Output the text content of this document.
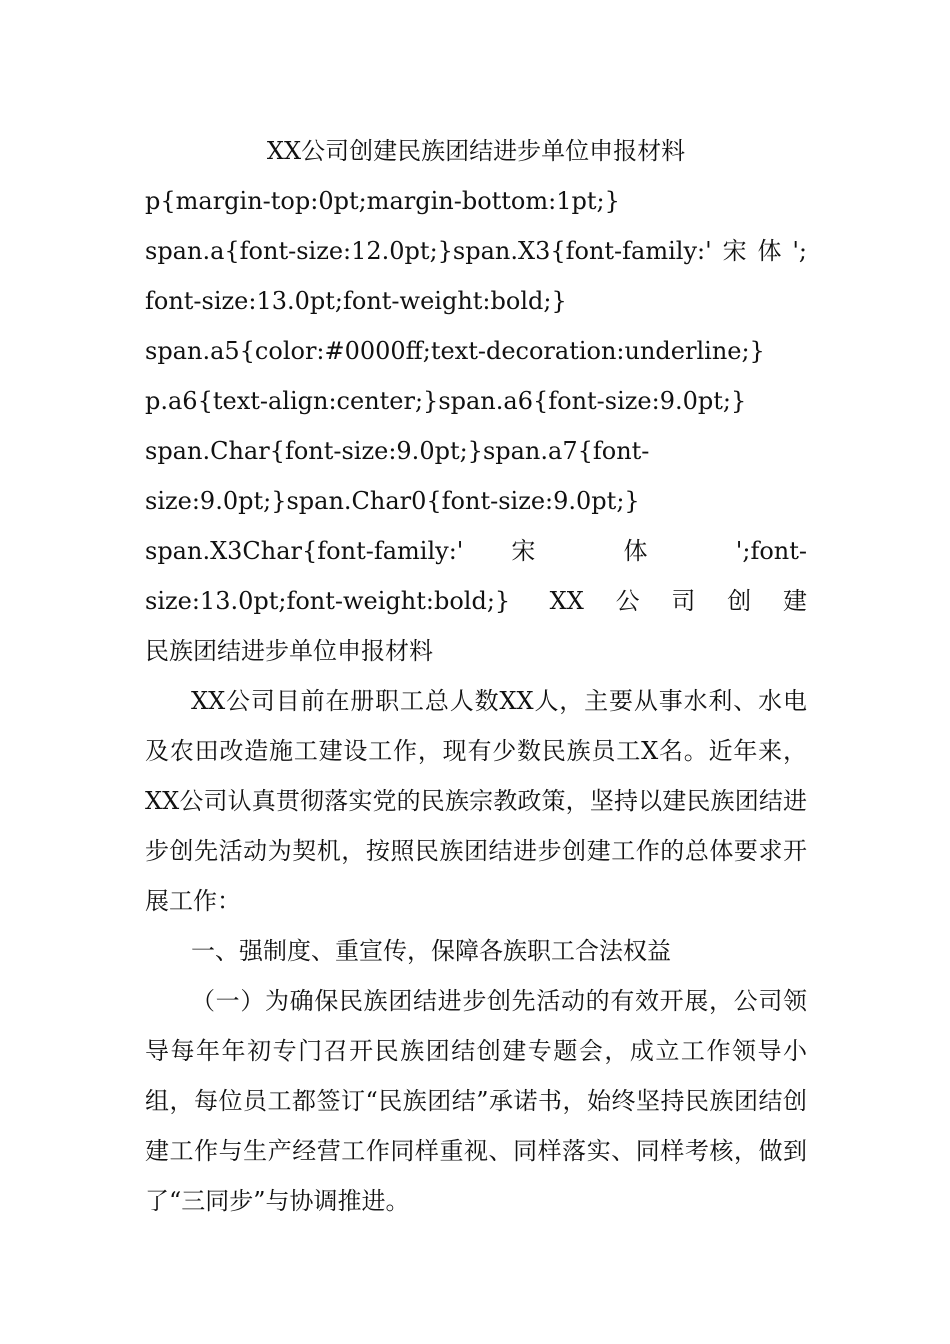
XX公司创建民族团结进步单位申报材料

p{margin-top:0pt;margin-bottom:1pt;}
span.a{font-size:12.0pt;}span.X3{font-family:'宋体';
font-size:13.0pt;font-weight:bold;}
span.a5{color:#0000ff;text-decoration:underline;}
p.a6{text-align:center;}span.a6{font-size:9.0pt;}
span.Char{font-size:9.0pt;}span.a7{font-
size:9.0pt;}span.Char0{font-size:9.0pt;}
span.X3Char{font-family:' 宋 体 ';font-
size:13.0pt;font-weight:bold;} XX公司创建
民族团结进步单位申报材料

XX公司目前在册职工总人数XX人，主要从事水利、水电及农田改造施工建设工作，现有少数民族员工X名。近年来，XX公司认真贯彻落实党的民族宗教政策，坚持以建民族团结进步创先活动为契机，按照民族团结进步创建工作的总体要求开展工作：

一、强制度、重宣传，保障各族职工合法权益

（一）为确保民族团结进步创先活动的有效开展，公司领导每年年初专门召开民族团结创建专题会，成立工作领导小组，每位员工都签订“民族团结”承诺书，始终坚持民族团结创建工作与生产经营工作同样重视、同样落实、同样考核，做到了“三同步”与协调推进。
